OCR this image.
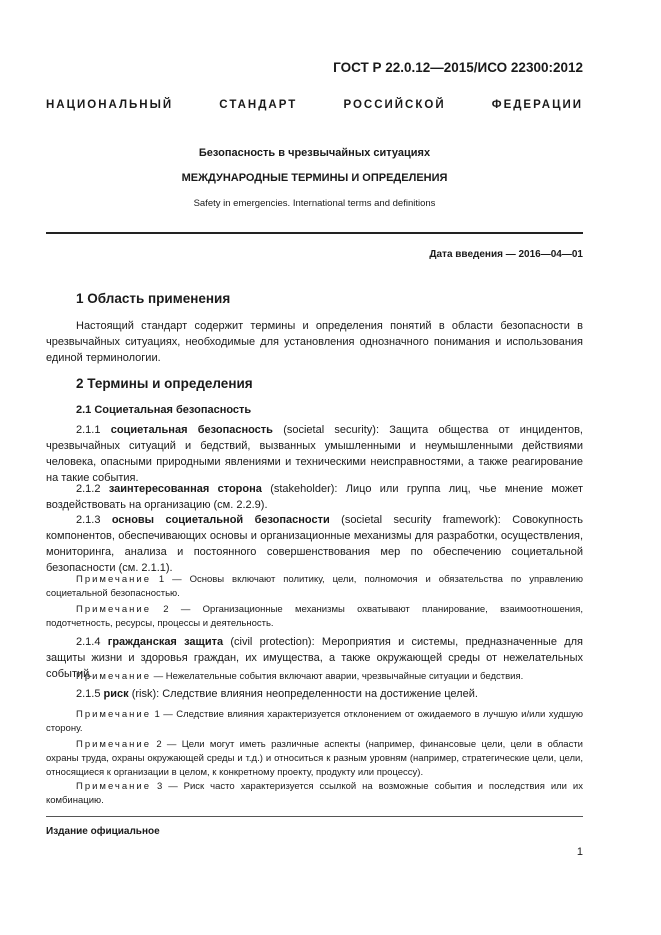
ГОСТ Р 22.0.12—2015/ИСО 22300:2012
НАЦИОНАЛЬНЫЙ СТАНДАРТ РОССИЙСКОЙ ФЕДЕРАЦИИ
Безопасность в чрезвычайных ситуациях
МЕЖДУНАРОДНЫЕ ТЕРМИНЫ И ОПРЕДЕЛЕНИЯ
Safety in emergencies. International terms and definitions
Дата введения — 2016—04—01
1 Область применения
Настоящий стандарт содержит термины и определения понятий в области безопасности в чрезвычайных ситуациях, необходимые для установления однозначного понимания и использования единой терминологии.
2 Термины и определения
2.1 Социетальная безопасность
2.1.1 социетальная безопасность (societal security): Защита общества от инцидентов, чрезвычайных ситуаций и бедствий, вызванных умышленными и неумышленными действиями человека, опасными природными явлениями и техническими неисправностями, а также реагирование на такие события.
2.1.2 заинтересованная сторона (stakeholder): Лицо или группа лиц, чье мнение может воздействовать на организацию (см. 2.2.9).
2.1.3 основы социетальной безопасности (societal security framework): Совокупность компонентов, обеспечивающих основы и организационные механизмы для разработки, осуществления, мониторинга, анализа и постоянного совершенствования мер по обеспечению социетальной безопасности (см. 2.1.1).
Примечание 1 — Основы включают политику, цели, полномочия и обязательства по управлению социетальной безопасностью.
Примечание 2 — Организационные механизмы охватывают планирование, взаимоотношения, подотчетность, ресурсы, процессы и деятельность.
2.1.4 гражданская защита (civil protection): Мероприятия и системы, предназначенные для защиты жизни и здоровья граждан, их имущества, а также окружающей среды от нежелательных событий.
Примечание — Нежелательные события включают аварии, чрезвычайные ситуации и бедствия.
2.1.5 риск (risk): Следствие влияния неопределенности на достижение целей.
Примечание 1 — Следствие влияния характеризуется отклонением от ожидаемого в лучшую и/или худшую сторону.
Примечание 2 — Цели могут иметь различные аспекты (например, финансовые цели, цели в области охраны труда, охраны окружающей среды и т.д.) и относиться к разным уровням (например, стратегические цели, цели, относящиеся к организации в целом, к конкретному проекту, продукту или процессу).
Примечание 3 — Риск часто характеризуется ссылкой на возможные события и последствия или их комбинацию.
Издание официальное
1
